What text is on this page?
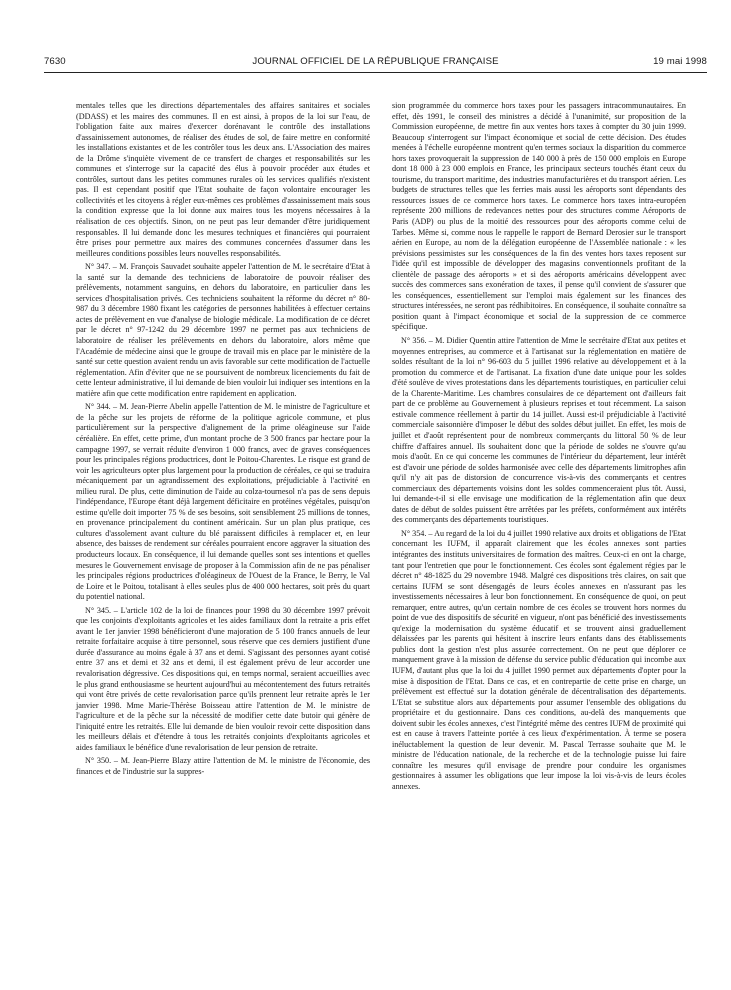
7630	JOURNAL OFFICIEL DE LA RÉPUBLIQUE FRANÇAISE	19 mai 1998

mentales telles que les directions départementales des affaires sanitaires et sociales (DDASS) et les maires des communes. Il en est ainsi, à propos de la loi sur l'eau, de l'obligation faite aux maires d'exercer dorénavant le contrôle des installations d'assainissement autonomes, de réaliser des études de sol, de faire mettre en conformité les installations existantes et de les contrôler tous les deux ans. L'Association des maires de la Drôme s'inquiète vivement de ce transfert de charges et responsabilités sur les communes et s'interroge sur la capacité des élus à pouvoir procéder aux études et contrôles, surtout dans les petites communes rurales où les services qualifiés n'existent pas. Il est cependant positif que l'Etat souhaite de façon volontaire encourager les collectivités et les citoyens à régler eux-mêmes ces problèmes d'assainissement mais sous la condition expresse que la loi donne aux maires tous les moyens nécessaires à la réalisation de ces objectifs. Sinon, on ne peut pas leur demander d'être juridiquement responsables. Il lui demande donc les mesures techniques et financières qui pourraient être prises pour permettre aux maires des communes concernées d'assumer dans les meilleures conditions possibles leurs nouvelles responsabilités.

N° 347. – M. François Sauvadet souhaite appeler l'attention de M. le secrétaire d'Etat à la santé sur la demande des techniciens de laboratoire de pouvoir réaliser des prélèvements, notamment sanguins, en dehors du laboratoire, en particulier dans les services d'hospitalisation privés. Ces techniciens souhaitent la réforme du décret n° 80-987 du 3 décembre 1980 fixant les catégories de personnes habilitées à effectuer certains actes de prélèvement en vue d'analyse de biologie médicale. La modification de ce décret par le décret n° 97-1242 du 29 décembre 1997 ne permet pas aux techniciens de laboratoire de réaliser les prélèvements en dehors du laboratoire, alors même que l'Académie de médecine ainsi que le groupe de travail mis en place par le ministère de la santé sur cette question avaient rendu un avis favorable sur cette modification de l'actuelle réglementation. Afin d'éviter que ne se poursuivent de nombreux licenciements du fait de cette lenteur administrative, il lui demande de bien vouloir lui indiquer ses intentions en la matière afin que cette modification entre rapidement en application.

N° 344. – M. Jean-Pierre Abelin appelle l'attention de M. le ministre de l'agriculture et de la pêche sur les projets de réforme de la politique agricole commune, et plus particulièrement sur la perspective d'alignement de la prime oléagineuse sur l'aide céréalière. En effet, cette prime, d'un montant proche de 3 500 francs par hectare pour la campagne 1997, se verrait réduite d'environ 1 000 francs, avec de graves conséquences pour les principales régions productrices, dont le Poitou-Charentes. Le risque est grand de voir les agriculteurs opter plus largement pour la production de céréales, ce qui se traduira mécaniquement par un agrandissement des exploitations, préjudiciable à l'activité en milieu rural. De plus, cette diminution de l'aide au colza-tournesol n'a pas de sens depuis l'indépendance, l'Europe étant déjà largement déficitaire en protéines végétales, puisqu'on estime qu'elle doit importer 75 % de ses besoins, soit sensiblement 25 millions de tonnes, en provenance principalement du continent américain. Sur un plan plus pratique, ces cultures d'assolement avant culture du blé paraissent difficiles à remplacer et, en leur absence, des baisses de rendement sur céréales pourraient encore aggraver la situation des producteurs locaux. En conséquence, il lui demande quelles sont ses intentions et quelles mesures le Gouvernement envisage de proposer à la Commission afin de ne pas pénaliser les principales régions productrices d'oléagineux de l'Ouest de la France, le Berry, le Val de Loire et le Poitou, totalisant à elles seules plus de 400 000 hectares, soit près du quart du potentiel national.

N° 345. – L'article 102 de la loi de finances pour 1998 du 30 décembre 1997 prévoit que les conjoints d'exploitants agricoles et les aides familiaux dont la retraite a pris effet avant le 1er janvier 1998 bénéficieront d'une majoration de 5 100 francs annuels de leur retraite forfaitaire acquise à titre personnel, sous réserve que ces derniers justifient d'une durée d'assurance au moins égale à 37 ans et demi. S'agissant des personnes ayant cotisé entre 37 ans et demi et 32 ans et demi, il est également prévu de leur accorder une revalorisation dégressive. Ces dispositions qui, en temps normal, seraient accueillies avec le plus grand enthousiasme se heurtent aujourd'hui au mécontentement des futurs retraités qui vont être privés de cette revalorisation parce qu'ils prennent leur retraite après le 1er janvier 1998. Mme Marie-Thérèse Boisseau attire l'attention de M. le ministre de l'agriculture et de la pêche sur la nécessité de modifier cette date butoir qui génère de l'iniquité entre les retraités. Elle lui demande de bien vouloir revoir cette disposition dans les meilleurs délais et d'étendre à tous les retraités conjoints d'exploitants agricoles et aides familiaux le bénéfice d'une revalorisation de leur pension de retraite.

N° 350. – M. Jean-Pierre Blazy attire l'attention de M. le ministre de l'économie, des finances et de l'industrie sur la suppres-

sion programmée du commerce hors taxes pour les passagers intracommunautaires. En effet, dès 1991, le conseil des ministres a décidé à l'unanimité, sur proposition de la Commission européenne, de mettre fin aux ventes hors taxes à compter du 30 juin 1999. Beaucoup s'interrogent sur l'impact économique et social de cette décision. Des études menées à l'échelle européenne montrent qu'en termes sociaux la disparition du commerce hors taxes provoquerait la suppression de 140 000 à près de 150 000 emplois en Europe dont 18 000 à 23 000 emplois en France, les principaux secteurs touchés étant ceux du tourisme, du transport maritime, des industries manufacturières et du transport aérien. Les budgets de structures telles que les ferries mais aussi les aéroports sont dépendants des ressources issues de ce commerce hors taxes. Le commerce hors taxes intra-européen représente 200 millions de redevances nettes pour des structures comme Aéroports de Paris (ADP) ou plus de la moitié des ressources pour des aéroports comme celui de Tarbes. Même si, comme nous le rappelle le rapport de Bernard Derosier sur le transport aérien en Europe, au nom de la délégation européenne de l'Assemblée nationale : « les prévisions pessimistes sur les conséquences de la fin des ventes hors taxes reposent sur l'idée qu'il est impossible de développer des magasins conventionnels profitant de la clientèle de passage des aéroports » et si des aéroports américains développent avec succès des commerces sans exonération de taxes, il pense qu'il convient de s'assurer que les conséquences, essentiellement sur l'emploi mais également sur les finances des structures intéressées, ne seront pas rédhibitoires. En conséquence, il souhaite connaître sa position quant à l'impact économique et social de la suppression de ce commerce spécifique.

N° 356. – M. Didier Quentin attire l'attention de Mme le secrétaire d'Etat aux petites et moyennes entreprises, au commerce et à l'artisanat sur la réglementation en matière de soldes résultant de la loi n° 96-603 du 5 juillet 1996 relative au développement et à la promotion du commerce et de l'artisanat. La fixation d'une date unique pour les soldes d'été soulève de vives protestations dans les départements touristiques, en particulier celui de la Charente-Maritime. Les chambres consulaires de ce département ont d'ailleurs fait part de ce problème au Gouvernement à plusieurs reprises et tout récemment. La saison estivale commence réellement à partir du 14 juillet. Aussi est-il préjudiciable à l'activité commerciale saisonnière d'imposer le début des soldes début juillet. En effet, les mois de juillet et d'août représentent pour de nombreux commerçants du littoral 50 % de leur chiffre d'affaires annuel. Ils souhaitent donc que la période de soldes ne s'ouvre qu'au mois d'août. En ce qui concerne les communes de l'intérieur du département, leur intérêt est d'avoir une période de soldes harmonisée avec celle des départements limitrophes afin qu'il n'y ait pas de distorsion de concurrence vis-à-vis des commerçants et centres commerciaux des départements voisins dont les soldes commenceraient plus tôt. Aussi, lui demande-t-il si elle envisage une modification de la réglementation afin que deux dates de début de soldes puissent être arrêtées par les préfets, conformément aux intérêts des commerçants des départements touristiques.

N° 354. – Au regard de la loi du 4 juillet 1990 relative aux droits et obligations de l'Etat concernant les IUFM, il apparaît clairement que les écoles annexes sont parties intégrantes des instituts universitaires de formation des maîtres. Ceux-ci en ont la charge, tant pour l'entretien que pour le fonctionnement. Ces écoles sont également régies par le décret n° 48-1825 du 29 novembre 1948. Malgré ces dispositions très claires, on sait que certains IUFM se sont désengagés de leurs écoles annexes en n'assurant pas les investissements nécessaires à leur bon fonctionnement. En conséquence de quoi, on peut remarquer, entre autres, qu'un certain nombre de ces écoles se trouvent hors normes du point de vue des dispositifs de sécurité en vigueur, n'ont pas bénéficié des investissements qu'exige la modernisation du système éducatif et se trouvent ainsi graduellement délaissées par les parents qui hésitent à inscrire leurs enfants dans des établissements publics dont la gestion n'est plus assurée correctement. On ne peut que déplorer ce manquement grave à la mission de défense du service public d'éducation qui incombe aux IUFM, d'autant plus que la loi du 4 juillet 1990 permet aux départements d'opter pour la mise à disposition de l'Etat. Dans ce cas, et en contrepartie de cette prise en charge, un prélèvement est effectué sur la dotation générale de décentralisation des départements. L'Etat se substitue alors aux départements pour assumer l'ensemble des obligations du propriétaire et du gestionnaire. Dans ces conditions, au-delà des manquements que doivent subir les écoles annexes, c'est l'intégrité même des centres IUFM de proximité qui est en cause à travers l'atteinte portée à ces lieux d'expérimentation. À terme se posera inéluctablement la question de leur devenir. M. Pascal Terrasse souhaite que M. le ministre de l'éducation nationale, de la recherche et de la technologie puisse lui faire connaître les mesures qu'il envisage de prendre pour conduire les organismes gestionnaires à assumer les obligations que leur impose la loi vis-à-vis de leurs écoles annexes.
